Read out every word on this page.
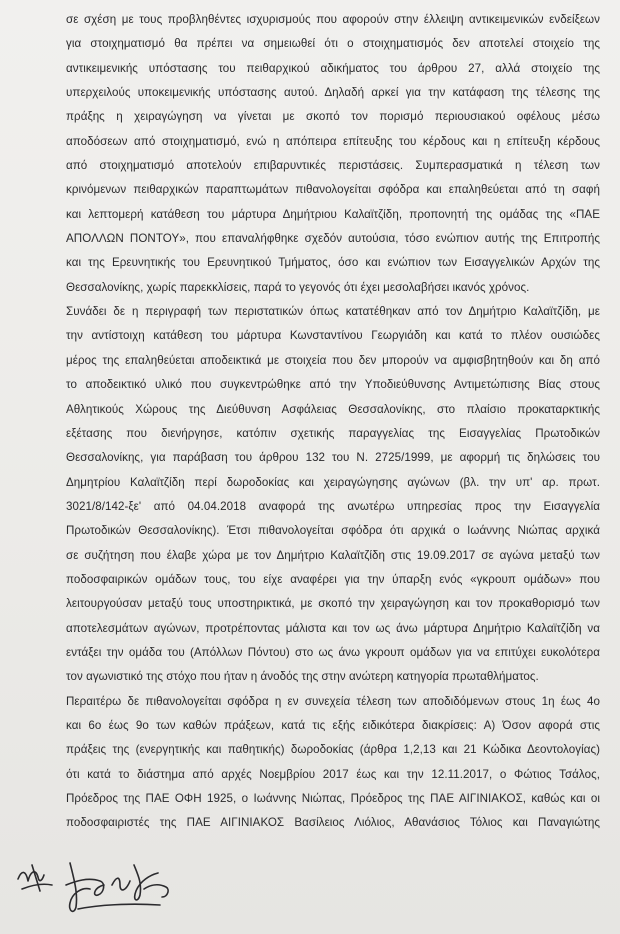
σε σχέση με τους προβληθέντες ισχυρισμούς που αφορούν στην έλλειψη αντικειμενικών ενδείξεων
για στοιχηματισμό θα πρέπει να σημειωθεί ότι ο στοιχηματισμός δεν αποτελεί στοιχείο της
αντικειμενικής υπόστασης του πειθαρχικού αδικήματος του άρθρου 27, αλλά στοιχείο της
υπερχειλούς υποκειμενικής υπόστασης αυτού. Δηλαδή αρκεί για την κατάφαση της τέλεσης της
πράξης η χειραγώγηση να γίνεται με σκοπό τον πορισμό περιουσιακού οφέλους μέσω
αποδόσεων από στοιχηματισμό, ενώ η απόπειρα επίτευξης του κέρδους και η επίτευξη κέρδους
από στοιχηματισμό αποτελούν επιβαρυντικές περιστάσεις. Συμπερασματικά η τέλεση των
κρινόμενων πειθαρχικών παραπτωμάτων πιθανολογείται σφόδρα και επαληθεύεται από τη σαφή
και λεπτομερή κατάθεση του μάρτυρα Δημήτριου Καλαϊτζίδη, προπονητή της ομάδας της «ΠΑΕ
ΑΠΟΛΛΩΝ ΠΟΝΤΟΥ», που επαναλήφθηκε σχεδόν αυτούσια, τόσο ενώπιον αυτής της Επιτροπής
και της Ερευνητικής του Ερευνητικού Τμήματος, όσο και ενώπιον των Εισαγγελικών Αρχών της
Θεσσαλονίκης, χωρίς παρεκκλίσεις, παρά το γεγονός ότι έχει μεσολαβήσει ικανός χρόνος.
Συνάδει δε η περιγραφή των περιστατικών όπως κατατέθηκαν από τον Δημήτριο Καλαϊτζίδη, με
την αντίστοιχη κατάθεση του μάρτυρα Κωνσταντίνου Γεωργιάδη και κατά το πλέον ουσιώδες
μέρος της επαληθεύεται αποδεικτικά με στοιχεία που δεν μπορούν να αμφισβητηθούν και δη από
το αποδεικτικό υλικό που συγκεντρώθηκε από την Υποδιεύθυνσης Αντιμετώπισης Βίας στους
Αθλητικούς Χώρους της Διεύθυνση Ασφάλειας Θεσσαλονίκης, στο πλαίσιο προκαταρκτικής
εξέτασης που διενήργησε, κατόπιν σχετικής παραγγελίας της Εισαγγελίας Πρωτοδικών
Θεσσαλονίκης, για παράβαση του άρθρου 132 του Ν. 2725/1999, με αφορμή τις δηλώσεις του
Δημητρίου Καλαϊτζίδη περί δωροδοκίας και χειραγώγησης αγώνων (βλ. την υπ' αρ. πρωτ.
3021/8/142-ξε' από 04.04.2018 αναφορά της ανωτέρω υπηρεσίας προς την Εισαγγελία
Πρωτοδικών Θεσσαλονίκης). Έτσι πιθανολογείται σφόδρα ότι αρχικά ο Ιωάννης Νιώπας αρχικά
σε συζήτηση που έλαβε χώρα με τον Δημήτριο Καλαϊτζίδη στις 19.09.2017 σε αγώνα μεταξύ των
ποδοσφαιρικών ομάδων τους, του είχε αναφέρει για την ύπαρξη ενός «γκρουπ ομάδων» που
λειτουργούσαν μεταξύ τους υποστηρικτικά, με σκοπό την χειραγώγηση και τον προκαθορισμό των
αποτελεσμάτων αγώνων, προτρέποντας μάλιστα και τον ως άνω μάρτυρα Δημήτριο Καλαϊτζίδη να
εντάξει την ομάδα του (Απόλλων Πόντου) στο ως άνω γκρουπ ομάδων για να επιτύχει ευκολότερα
τον αγωνιστικό της στόχο που ήταν η άνοδός της στην ανώτερη κατηγορία πρωταθλήματος.
Περαιτέρω δε πιθανολογείται σφόδρα η εν συνεχεία τέλεση των αποδιδόμενων στους 1η έως 4ο
και 6ο έως 9ο των καθών πράξεων, κατά τις εξής ειδικότερα διακρίσεις: Α) Όσον αφορά στις
πράξεις της (ενεργητικής και παθητικής) δωροδοκίας (άρθρα 1,2,13 και 21 Κώδικα Δεοντολογίας)
ότι κατά το διάστημα από αρχές Νοεμβρίου 2017 έως και την 12.11.2017, ο Φώτιος Τσάλος,
Πρόεδρος της ΠΑΕ ΟΦΗ 1925, ο Ιωάννης Νιώπας, Πρόεδρος της ΠΑΕ ΑΙΓΙΝΙΑΚΟΣ, καθώς και οι
ποδοσφαιριστές της ΠΑΕ ΑΙΓΙΝΙΑΚΟΣ Βασίλειος Λιόλιος, Αθανάσιος Τόλιος και Παναγιώτης
